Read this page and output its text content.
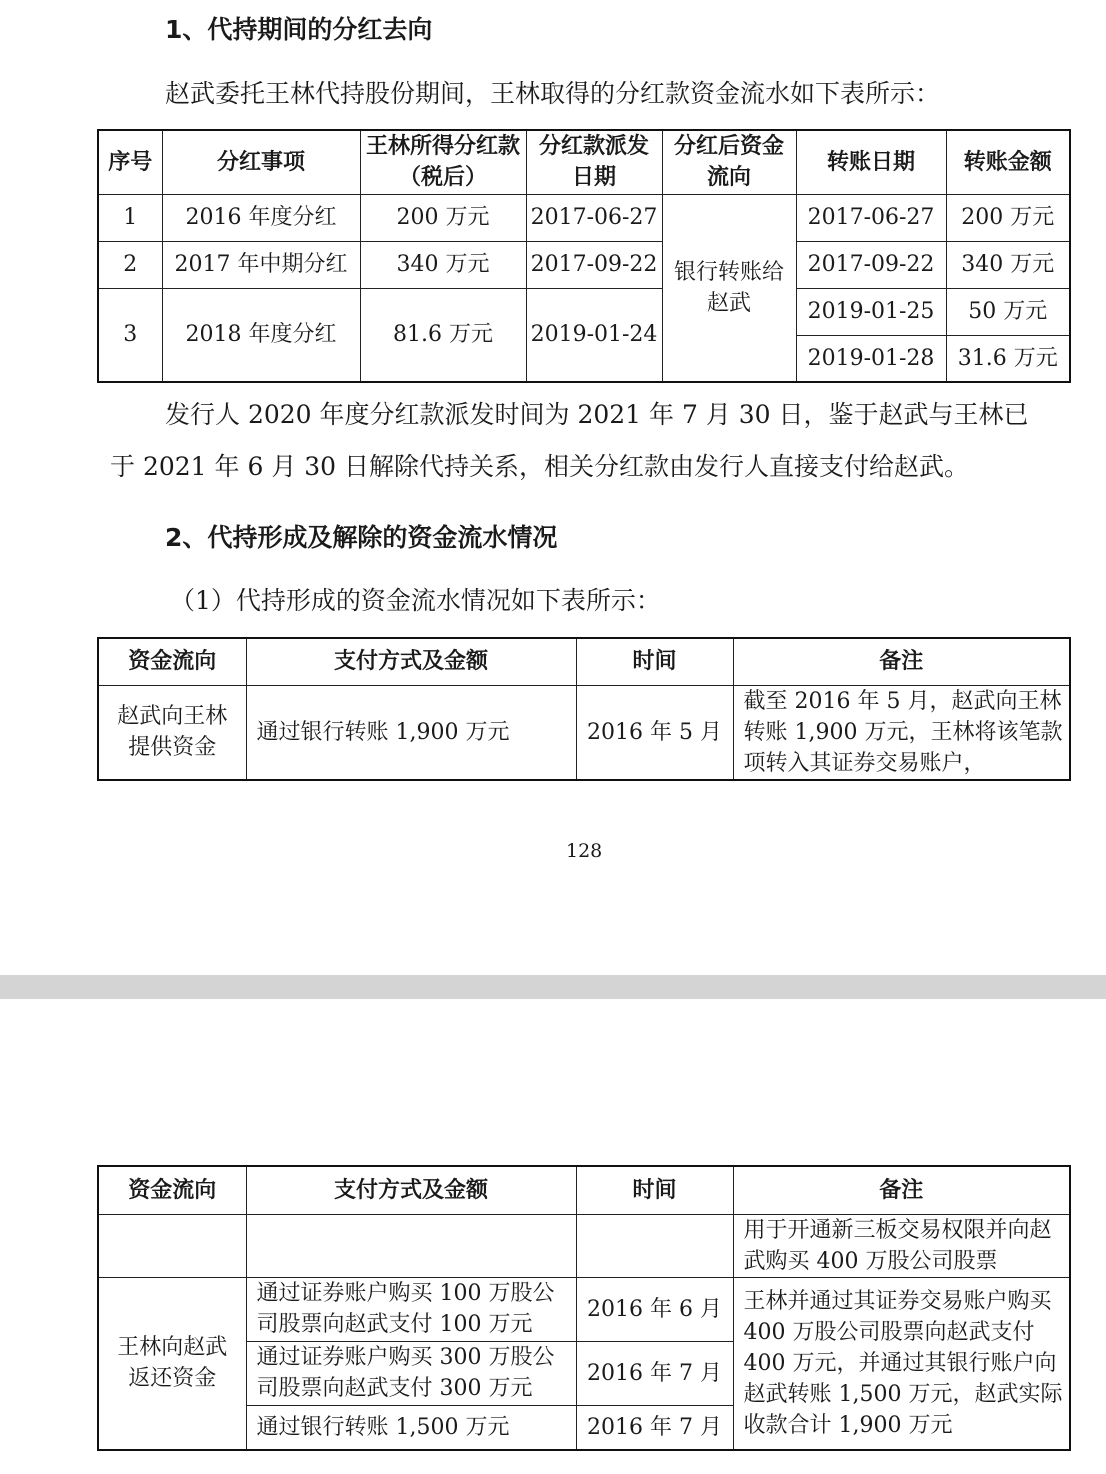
1、代持期间的分红去向
赵武委托王林代持股份期间，王林取得的分红款资金流水如下表所示：
序号	分红事项	王林所得分红款（税后）	分红款派发日期	分红后资金流向	转账日期	转账金额
1	2016 年度分红	200 万元	2017-06-27	银行转账给赵武	2017-06-27	200 万元
2	2017 年中期分红	340 万元	2017-09-22		2017-09-22	340 万元
3	2018 年度分红	81.6 万元	2019-01-24		2019-01-25	50 万元
					2019-01-28	31.6 万元
发行人 2020 年度分红款派发时间为 2021 年 7 月 30 日，鉴于赵武与王林已
于 2021 年 6 月 30 日解除代持关系，相关分红款由发行人直接支付给赵武。
2、代持形成及解除的资金流水情况
（1）代持形成的资金流水情况如下表所示：
资金流向	支付方式及金额	时间	备注
赵武向王林提供资金	通过银行转账 1,900 万元	2016 年 5 月	截至 2016 年 5 月，赵武向王林转账 1,900 万元，王林将该笔款项转入其证券交易账户，
128
资金流向	支付方式及金额	时间	备注
			用于开通新三板交易权限并向赵武购买 400 万股公司股票
王林向赵武返还资金	通过证券账户购买 100 万股公司股票向赵武支付 100 万元	2016 年 6 月	王林并通过其证券交易账户购买 400 万股公司股票向赵武支付 400 万元，并通过其银行账户向赵武转账 1,500 万元，赵武实际收款合计 1,900 万元
	通过证券账户购买 300 万股公司股票向赵武支付 300 万元	2016 年 7 月	
	通过银行转账 1,500 万元	2016 年 7 月	
